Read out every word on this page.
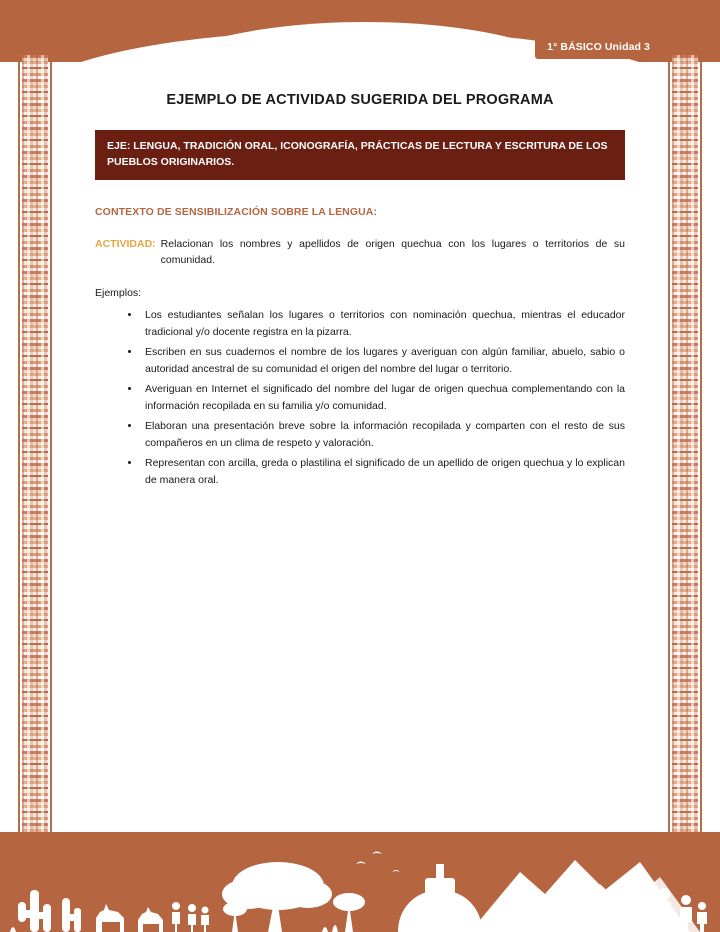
1° BÁSICO Unidad 3
EJEMPLO DE ACTIVIDAD SUGERIDA DEL PROGRAMA
EJE: LENGUA, TRADICIÓN ORAL, ICONOGRAFÍA, PRÁCTICAS DE LECTURA Y ESCRITURA DE LOS PUEBLOS ORIGINARIOS.
CONTEXTO DE SENSIBILIZACIÓN SOBRE LA LENGUA:
ACTIVIDAD: Relacionan los nombres y apellidos de origen quechua con los lugares o territorios de su comunidad.
Ejemplos:
• Los estudiantes señalan los lugares o territorios con nominación quechua, mientras el educador tradicional y/o docente registra en la pizarra.
• Escriben en sus cuadernos el nombre de los lugares y averiguan con algún familiar, abuelo, sabio o autoridad ancestral de su comunidad el origen del nombre del lugar o territorio.
• Averiguan en Internet el significado del nombre del lugar de origen quechua complementando con la información recopilada en su familia y/o comunidad.
• Elaboran una presentación breve sobre la información recopilada y comparten con el resto de sus compañeros en un clima de respeto y valoración.
• Representan con arcilla, greda o plastilina el significado de un apellido de origen quechua y lo explican de manera oral.
